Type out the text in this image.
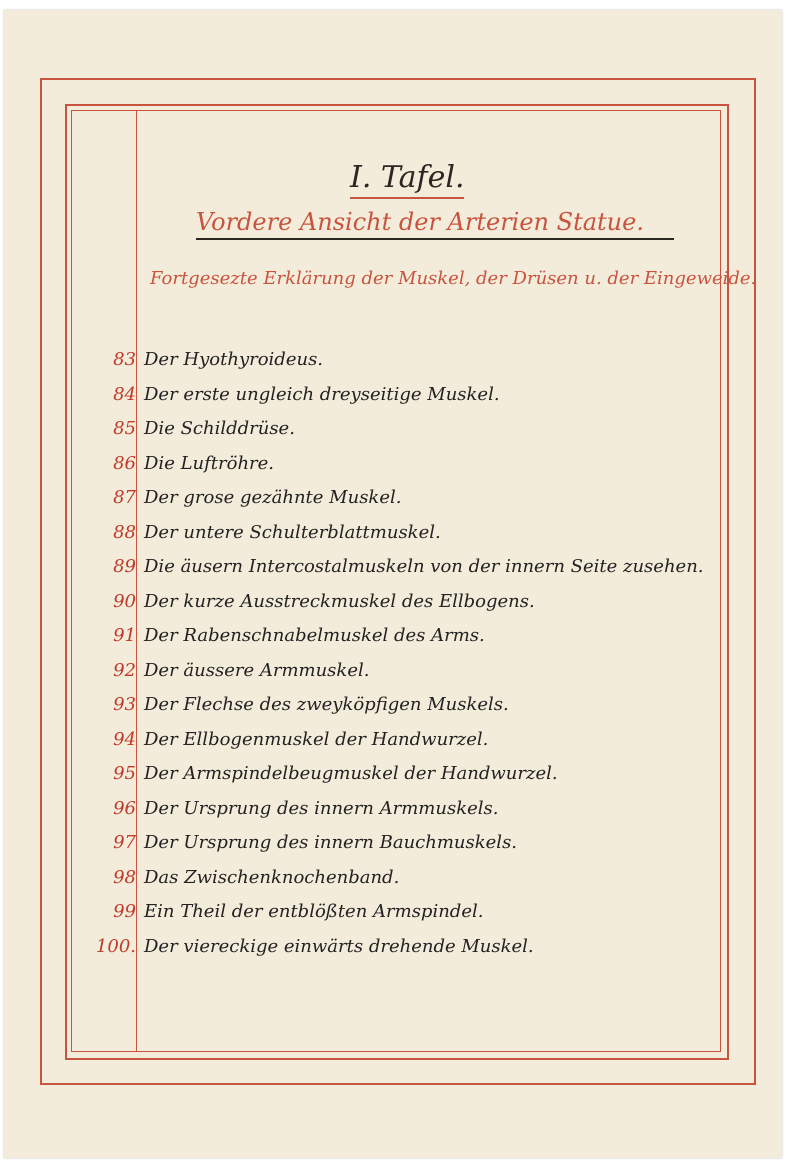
I. Tafel.
Vordere Ansicht der Arterien Statue.
Fortgesezte Erklärung der Muskel, der Drüsen u. der Eingeweide.
83 Der Hyothyroideus.
84 Der erste ungleich dreyseitige Muskel.
85 Die Schilddrüse.
86 Die Luftröhre.
87 Der grose gezähnte Muskel.
88 Der untere Schulterblattmuskel.
89 Die äusern Intercostalmuskeln von der innern Seite zusehen.
90 Der kurze Ausstreckmuskel des Ellbogens.
91 Der Rabenschnabelmuskel des Arms.
92 Der äussere Armmuskel.
93 Der Flechse des zweyköpfigen Muskels.
94 Der Ellbogenmuskel der Handwurzel.
95 Der Armspindelbeugmuskel der Handwurzel.
96 Der Ursprung des innern Armmuskels.
97 Der Ursprung des innern Bauchmuskels.
98 Das Zwischenknochenband.
99 Ein Theil der entblößten Armspindel.
100. Der viereckige einwärts drehende Muskel.
